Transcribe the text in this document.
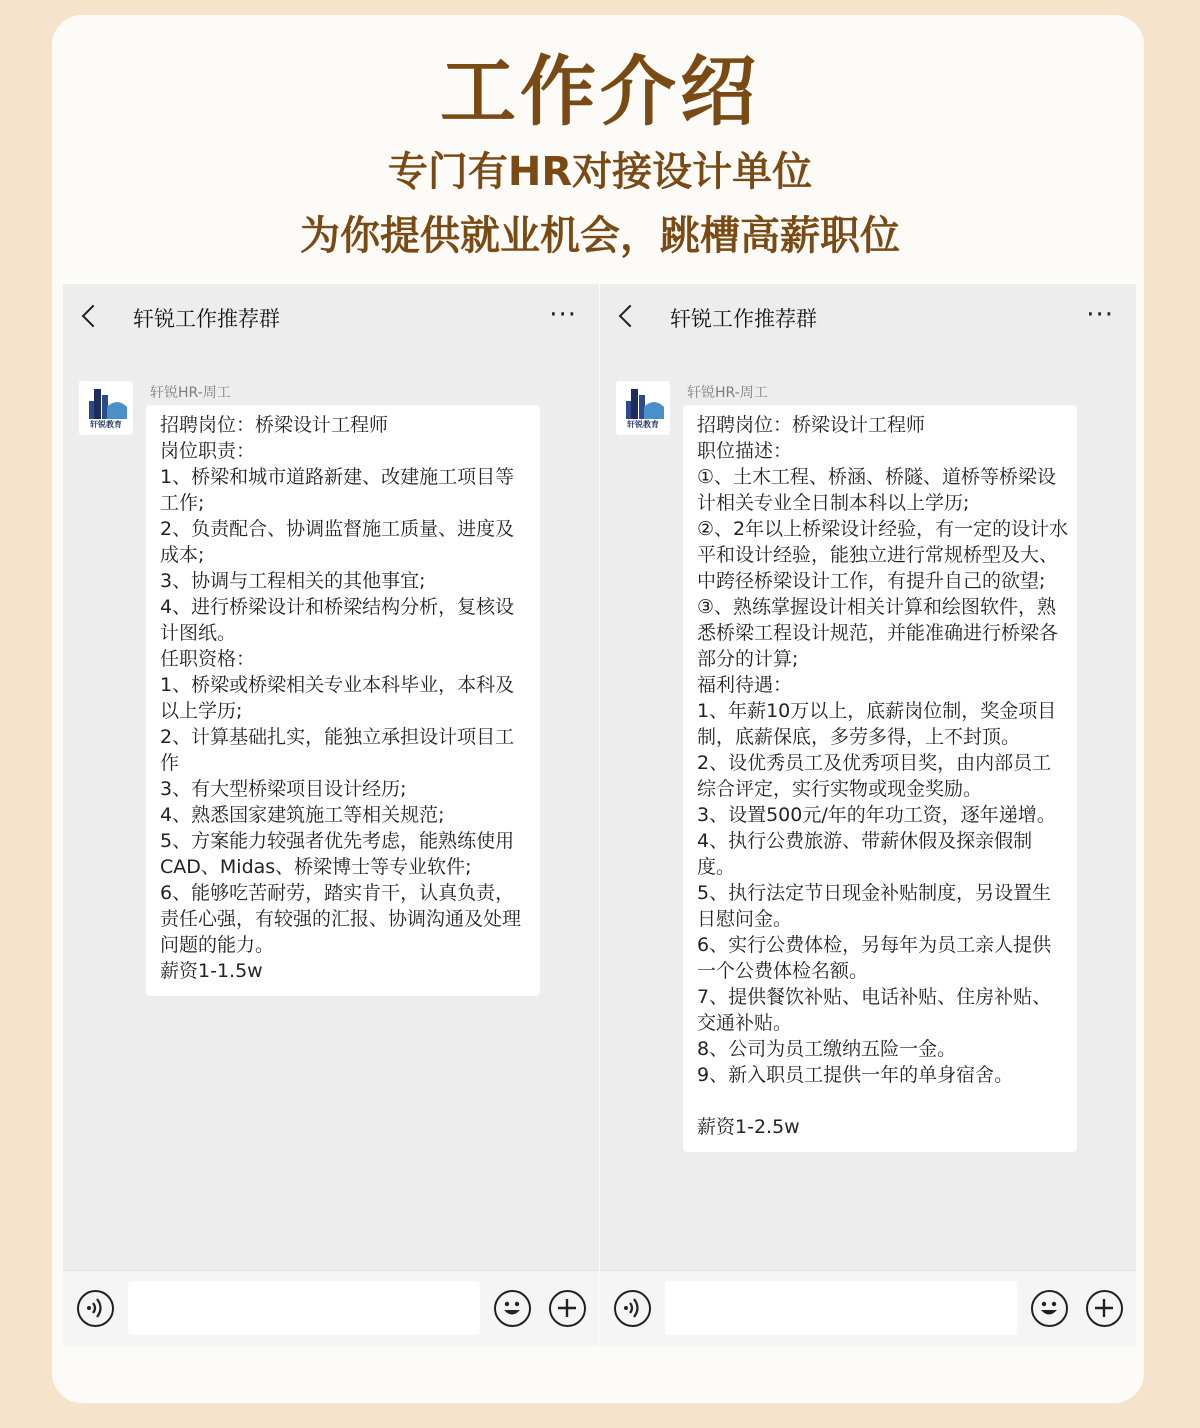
工作介绍
专门有HR对接设计单位
为你提供就业机会，跳槽高薪职位
轩锐工作推荐群	···
轩锐教育
轩锐HR-周工
招聘岗位：桥梁设计工程师
岗位职责：
1、桥梁和城市道路新建、改建施工项目等工作;
2、负责配合、协调监督施工质量、进度及成本;
3、协调与工程相关的其他事宜;
4、进行桥梁设计和桥梁结构分析，复核设计图纸。
任职资格：
1、桥梁或桥梁相关专业本科毕业，本科及以上学历;
2、计算基础扎实，能独立承担设计项目工作
3、有大型桥梁项目设计经历;
4、熟悉国家建筑施工等相关规范;
5、方案能力较强者优先考虑，能熟练使用CAD、Midas、桥梁博士等专业软件;
6、能够吃苦耐劳，踏实肯干，认真负责，责任心强，有较强的汇报、协调沟通及处理问题的能力。
薪资1-1.5w
轩锐工作推荐群	···
轩锐教育
轩锐HR-周工
招聘岗位：桥梁设计工程师
职位描述：
①、土木工程、桥涵、桥隧、道桥等桥梁设计相关专业全日制本科以上学历;
②、2年以上桥梁设计经验，有一定的设计水平和设计经验，能独立进行常规桥型及大、中跨径桥梁设计工作，有提升自己的欲望;
③、熟练掌握设计相关计算和绘图软件，熟悉桥梁工程设计规范，并能准确进行桥梁各部分的计算;
福利待遇：
1、年薪10万以上，底薪岗位制，奖金项目制，底薪保底，多劳多得，上不封顶。
2、设优秀员工及优秀项目奖，由内部员工综合评定，实行实物或现金奖励。
3、设置500元/年的年功工资，逐年递增。
4、执行公费旅游、带薪休假及探亲假制度。
5、执行法定节日现金补贴制度，另设置生日慰问金。
6、实行公费体检，另每年为员工亲人提供一个公费体检名额。
7、提供餐饮补贴、电话补贴、住房补贴、交通补贴。
8、公司为员工缴纳五险一金。
9、新入职员工提供一年的单身宿舍。

薪资1-2.5w
